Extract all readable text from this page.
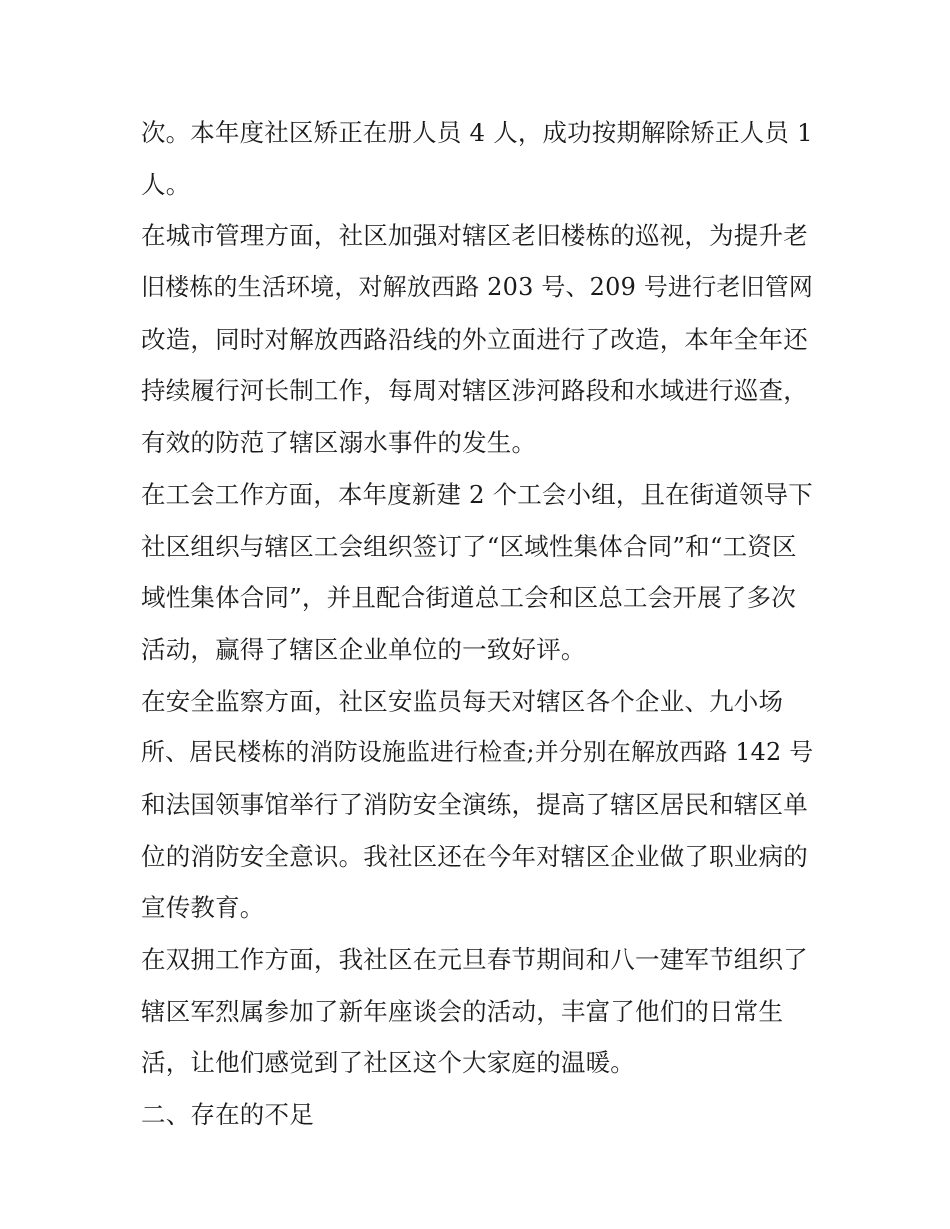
次。本年度社区矫正在册人员 4 人，成功按期解除矫正人员 1
人。
在城市管理方面，社区加强对辖区老旧楼栋的巡视，为提升老
旧楼栋的生活环境，对解放西路 203 号、209 号进行老旧管网
改造，同时对解放西路沿线的外立面进行了改造，本年全年还
持续履行河长制工作，每周对辖区涉河路段和水域进行巡查，
有效的防范了辖区溺水事件的发生。
在工会工作方面，本年度新建 2 个工会小组，且在街道领导下
社区组织与辖区工会组织签订了“区域性集体合同”和“工资区
域性集体合同”，并且配合街道总工会和区总工会开展了多次
活动，赢得了辖区企业单位的一致好评。
在安全监察方面，社区安监员每天对辖区各个企业、九小场
所、居民楼栋的消防设施监进行检查;并分别在解放西路 142 号
和法国领事馆举行了消防安全演练，提高了辖区居民和辖区单
位的消防安全意识。我社区还在今年对辖区企业做了职业病的
宣传教育。
在双拥工作方面，我社区在元旦春节期间和八一建军节组织了
辖区军烈属参加了新年座谈会的活动，丰富了他们的日常生
活，让他们感觉到了社区这个大家庭的温暖。
二、存在的不足
